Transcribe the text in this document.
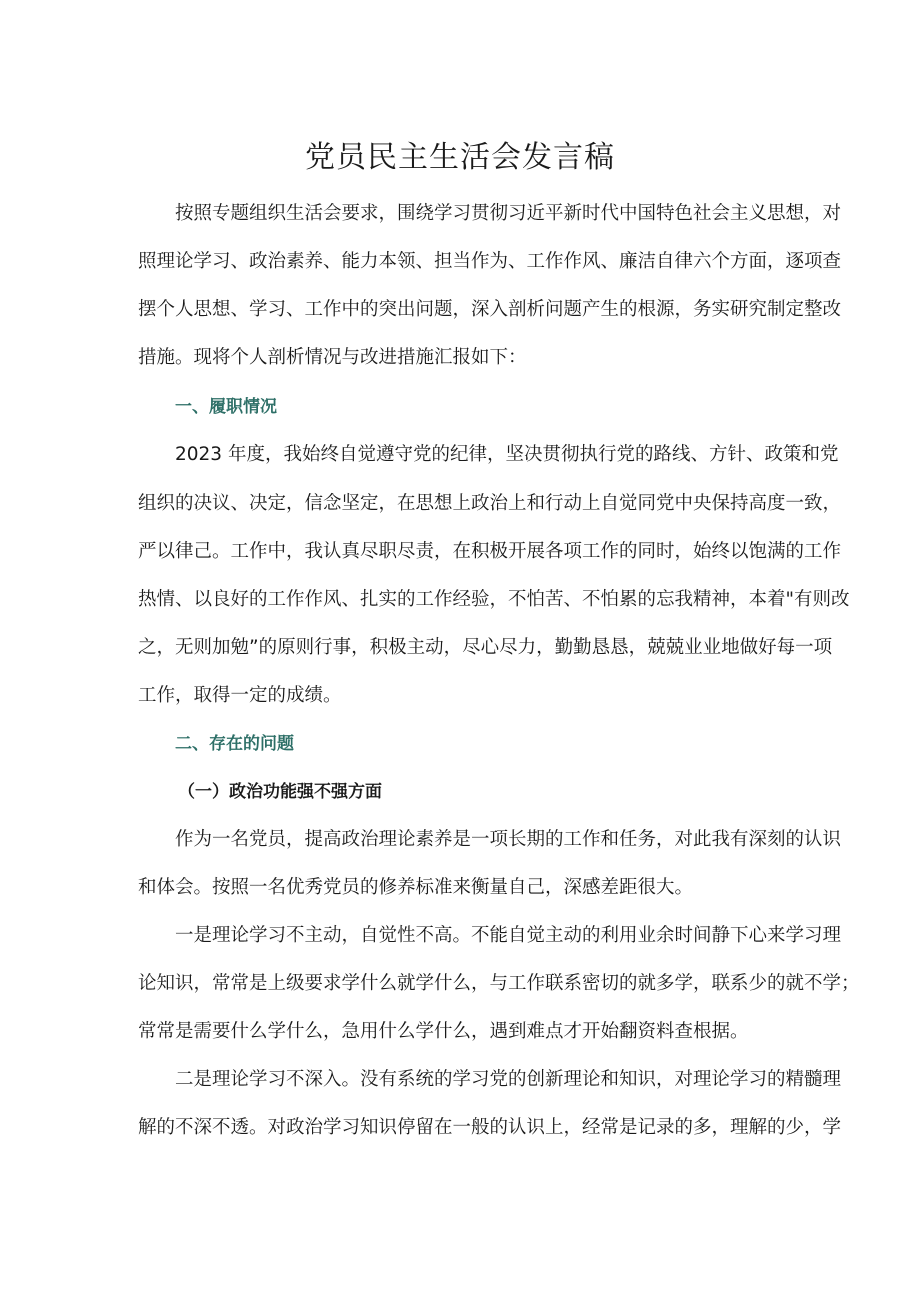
党员民主生活会发言稿
按照专题组织生活会要求，围绕学习贯彻习近平新时代中国特色社会主义思想，对
照理论学习、政治素养、能力本领、担当作为、工作作风、廉洁自律六个方面，逐项查
摆个人思想、学习、工作中的突出问题，深入剖析问题产生的根源，务实研究制定整改
措施。现将个人剖析情况与改进措施汇报如下：
一、履职情况
2023 年度，我始终自觉遵守党的纪律，坚决贯彻执行党的路线、方针、政策和党
组织的决议、决定，信念坚定，在思想上政治上和行动上自觉同党中央保持高度一致，
严以律己。工作中，我认真尽职尽责，在积极开展各项工作的同时，始终以饱满的工作
热情、以良好的工作作风、扎实的工作经验，不怕苦、不怕累的忘我精神，本着"有则改
之，无则加勉”的原则行事，积极主动，尽心尽力，勤勤恳恳，兢兢业业地做好每一项
工作，取得一定的成绩。
二、存在的问题
（一）政治功能强不强方面
作为一名党员，提高政治理论素养是一项长期的工作和任务，对此我有深刻的认识
和体会。按照一名优秀党员的修养标准来衡量自己，深感差距很大。
一是理论学习不主动，自觉性不高。不能自觉主动的利用业余时间静下心来学习理
论知识，常常是上级要求学什么就学什么，与工作联系密切的就多学，联系少的就不学；
常常是需要什么学什么，急用什么学什么，遇到难点才开始翻资料查根据。
二是理论学习不深入。没有系统的学习党的创新理论和知识，对理论学习的精髓理
解的不深不透。对政治学习知识停留在一般的认识上，经常是记录的多，理解的少，学
